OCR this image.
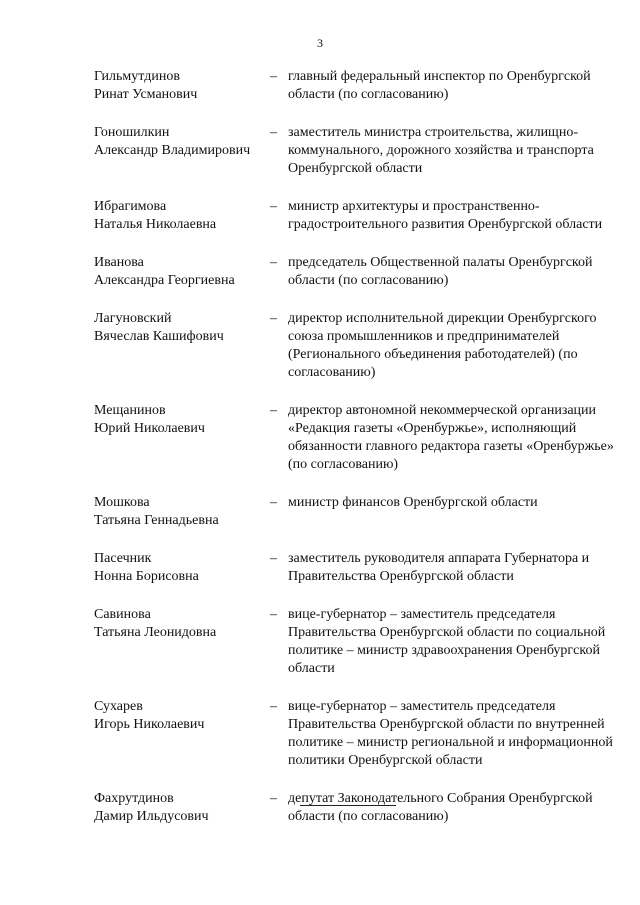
3
Гильмутдинов
Ринат Усманович
– главный федеральный инспектор по Оренбургской области (по согласованию)
Гоношилкин
Александр Владимирович
– заместитель министра строительства, жилищно-коммунального, дорожного хозяйства и транспорта Оренбургской области
Ибрагимова
Наталья Николаевна
– министр архитектуры и пространственно-градостроительного развития Оренбургской области
Иванова
Александра Георгиевна
– председатель Общественной палаты Оренбургской области (по согласованию)
Лагуновский
Вячеслав Кашифович
– директор исполнительной дирекции Оренбургского союза промышленников и предпринимателей (Регионального объединения работодателей) (по согласованию)
Мещанинов
Юрий Николаевич
– директор автономной некоммерческой организации «Редакция газеты «Оренбуржье», исполняющий обязанности главного редактора газеты «Оренбуржье» (по согласованию)
Мошкова
Татьяна Геннадьевна
– министр финансов Оренбургской области
Пасечник
Нонна Борисовна
– заместитель руководителя аппарата Губернатора и Правительства Оренбургской области
Савинова
Татьяна Леонидовна
– вице-губернатор – заместитель председателя Правительства Оренбургской области по социальной политике – министр здравоохранения Оренбургской области
Сухарев
Игорь Николаевич
– вице-губернатор – заместитель председателя Правительства Оренбургской области по внутренней политике – министр региональной и информационной политики Оренбургской области
Фахрутдинов
Дамир Ильдусович
– депутат Законодательного Собрания Оренбургской области (по согласованию)
